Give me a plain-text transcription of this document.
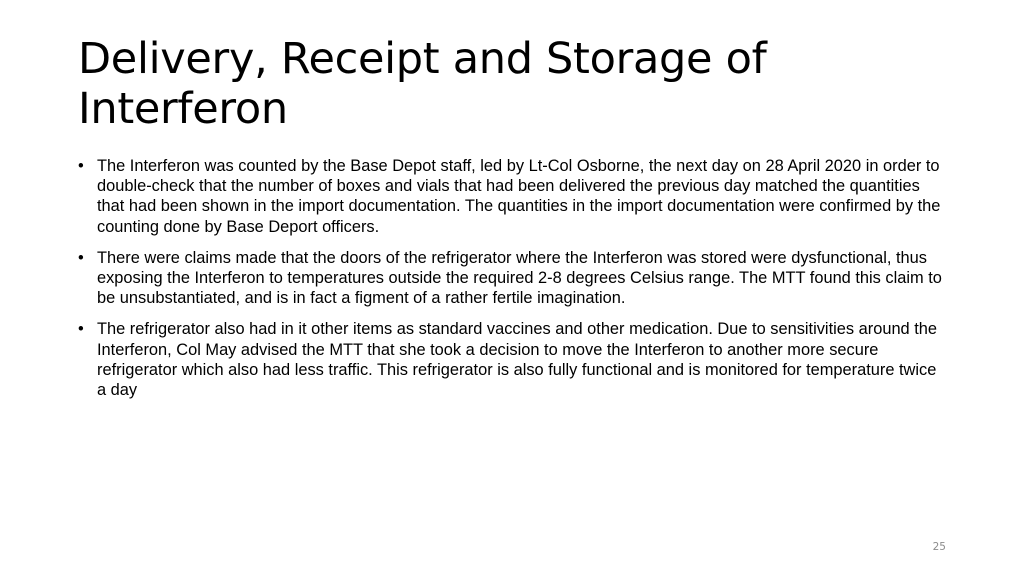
Delivery, Receipt and Storage of Interferon
• The Interferon was counted by the Base Depot staff, led by Lt-Col Osborne, the next day on 28 April 2020 in order to double-check that the number of boxes and vials that had been delivered the previous day matched the quantities that had been shown in the import documentation. The quantities in the import documentation were confirmed by the counting done by Base Deport officers.
• There were claims made that the doors of the refrigerator where the Interferon was stored were dysfunctional, thus exposing the Interferon to temperatures outside the required 2-8 degrees Celsius range. The MTT found this claim to be unsubstantiated, and is in fact a figment of a rather fertile imagination.
• The refrigerator also had in it other items as standard vaccines and other medication. Due to sensitivities around the Interferon, Col May advised the MTT that she took a decision to move the Interferon to another more secure refrigerator which also had less traffic. This refrigerator is also fully functional and is monitored for temperature twice a day
25
